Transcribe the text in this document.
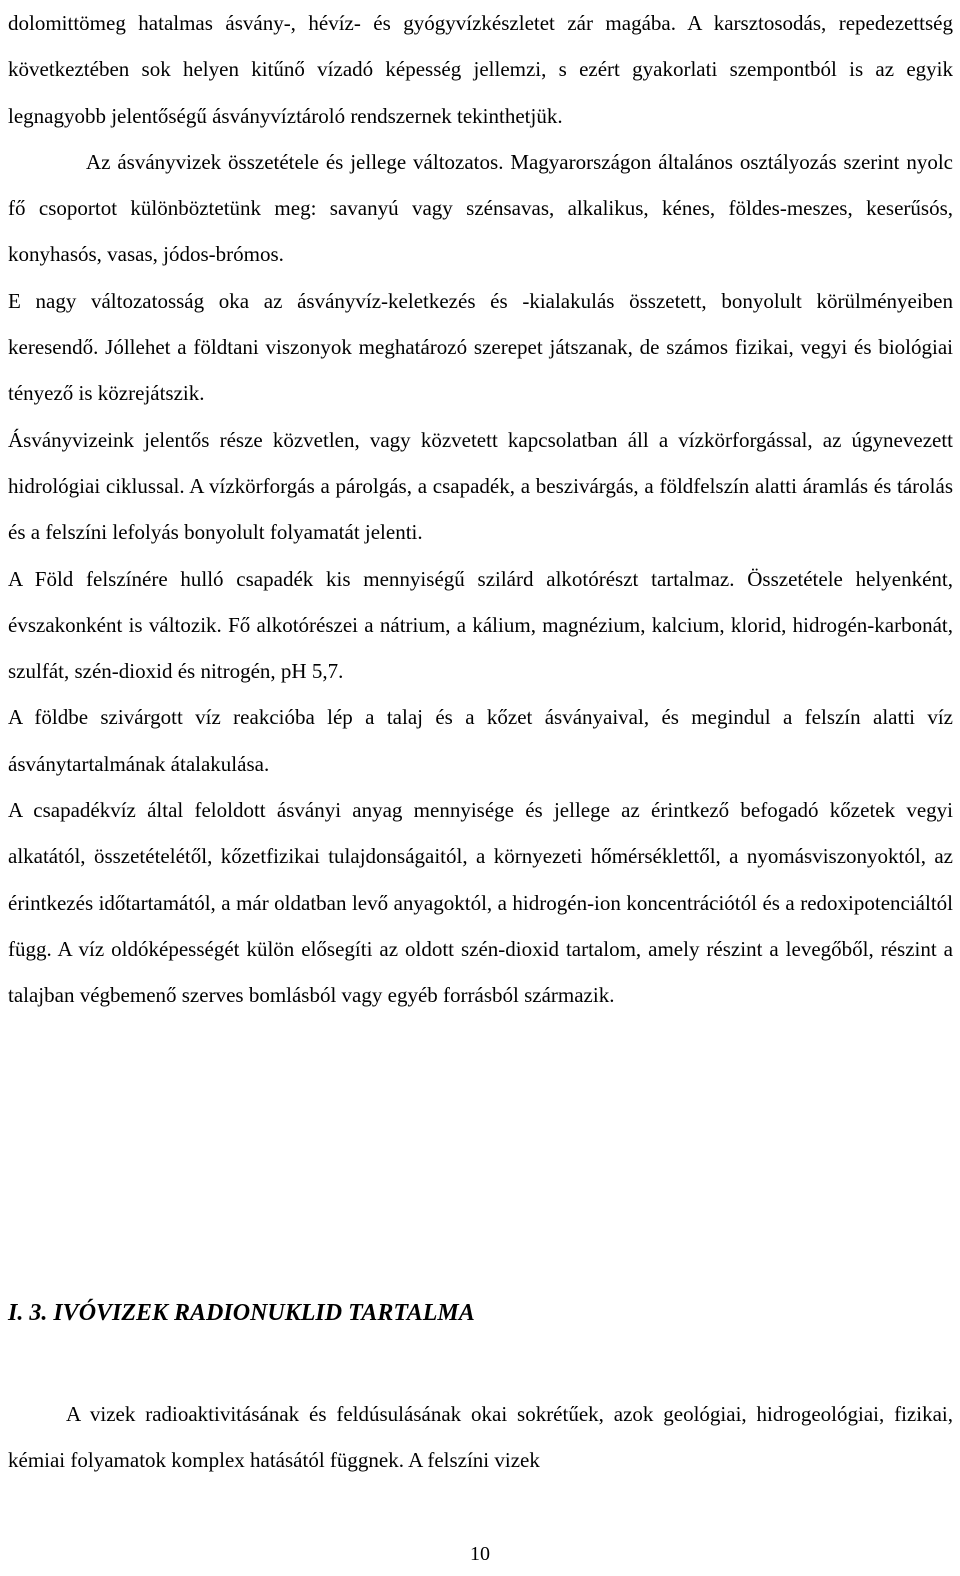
dolomittömeg hatalmas ásvány-, hévíz- és gyógyvízkészletet zár magába. A karsztosodás, repedezettség következtében sok helyen kitűnő vízadó képesség jellemzi, s ezért gyakorlati szempontból is az egyik legnagyobb jelentőségű ásványvíztároló rendszernek tekinthetjük.

Az ásványvizek összetétele és jellege változatos. Magyarországon általános osztályozás szerint nyolc fő csoportot különböztetünk meg: savanyú vagy szénsavas, alkalikus, kénes, földes-meszes, keserűsós, konyhasós, vasas, jódos-brómos.

E nagy változatosság oka az ásványvíz-keletkezés és -kialakulás összetett, bonyolult körülményeiben keresendő. Jóllehet a földtani viszonyok meghatározó szerepet játszanak, de számos fizikai, vegyi és biológiai tényező is közrejátszik.

Ásványvizeink jelentős része közvetlen, vagy közvetett kapcsolatban áll a vízkörforgással, az úgynevezett hidrológiai ciklussal. A vízkörforgás a párolgás, a csapadék, a beszivárgás, a földfelszín alatti áramlás és tárolás és a felszíni lefolyás bonyolult folyamatát jelenti.

A Föld felszínére hulló csapadék kis mennyiségű szilárd alkotórészt tartalmaz. Összetétele helyenként, évszakonként is változik. Fő alkotórészei a nátrium, a kálium, magnézium, kalcium, klorid, hidrogén-karbonát, szulfát, szén-dioxid és nitrogén, pH 5,7.

A földbe szivárgott víz reakcióba lép a talaj és a kőzet ásványaival, és megindul a felszín alatti víz ásványtartalmának átalakulása.

A csapadékvíz által feloldott ásványi anyag mennyisége és jellege az érintkező befogadó kőzetek vegyi alkatától, összetételétől, kőzetfizikai tulajdonságaitól, a környezeti hőmérséklettől, a nyomásviszonyoktól, az érintkezés időtartamától, a már oldatban levő anyagoktól, a hidrogén-ion koncentrációtól és a redoxipotenciáltól függ. A víz oldóképességét külön elősegíti az oldott szén-dioxid tartalom, amely részint a levegőből, részint a talajban végbemenő szerves bomlásból vagy egyéb forrásból származik.

I. 3. IVÓVIZEK RADIONUKLID TARTALMA

A vizek radioaktivitásának és feldúsulásának okai sokrétűek, azok geológiai, hidrogeológiai, fizikai, kémiai folyamatok komplex hatásától függnek. A felszíni vizek

10
